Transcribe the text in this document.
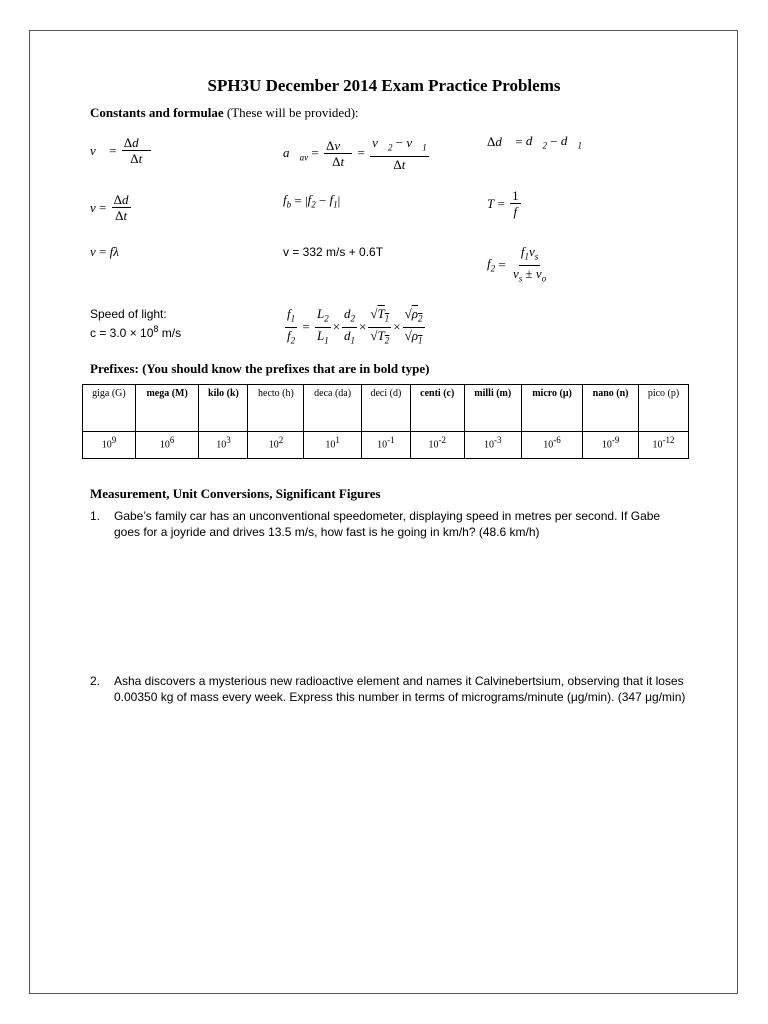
SPH3U December 2014 Exam Practice Problems
Constants and formulae (These will be provided):
v⃗ = $\frac{\Delta d⃗}{\Delta t}$	$a⃗_{av} = \frac{\Delta v⃗}{\Delta t} = \frac{v⃗_2 - v⃗_1}{\Delta t}$	Δ d⃗ = $d⃗_2$ − $d⃗_1$
$v = \frac{\Delta d}{\Delta t}$	$f_b$ = | $f_2 - f_1$ |	$T = \frac{1}{f}$
v = fλ	v = 332 m/s + 0.6T
$f_2 = \frac{f_1v_s}{v_s \pm v_o}$
Speed of light:
$c = 3.0 \times 10^8$ m/s	$\frac{f_1}{f_2} = \frac{L_2}{L_1} \times \frac{d_2}{d_1} \times \frac{√T_1}{√T_2} \times \frac{√\rho_2}{√\rho_1}$
Prefixes: (You should know the prefixes that are in bold type)
giga (G)	mega (M)	kilo (k)	hecto (h)	deca (da)	deci (d)	centi (c)	milli (m)	micro (μ)	nano (n)	pico (p)
$10^9$	$10^6$	$10^3$	$10^2$	$10^1$	$10^{-1}$	$10^{-2}$	$10^{-3}$	$10^{-6}$	$10^{-9}$	$10^{-12}$
Measurement, Unit Conversions, Significant Figures
1. Gabe’s family car has an unconventional speedometer, displaying speed in metres per second. If Gabe goes for a joyride and drives 13.5 m/s, how fast is he going in km/h? (48.6 km/h)
2. Asha discovers a mysterious new radioactive element and names it Calvinebertsium, observing that it loses 0.00350 kg of mass every week. Express this number in terms of micrograms/minute (μg/min). (347 μg/min)
